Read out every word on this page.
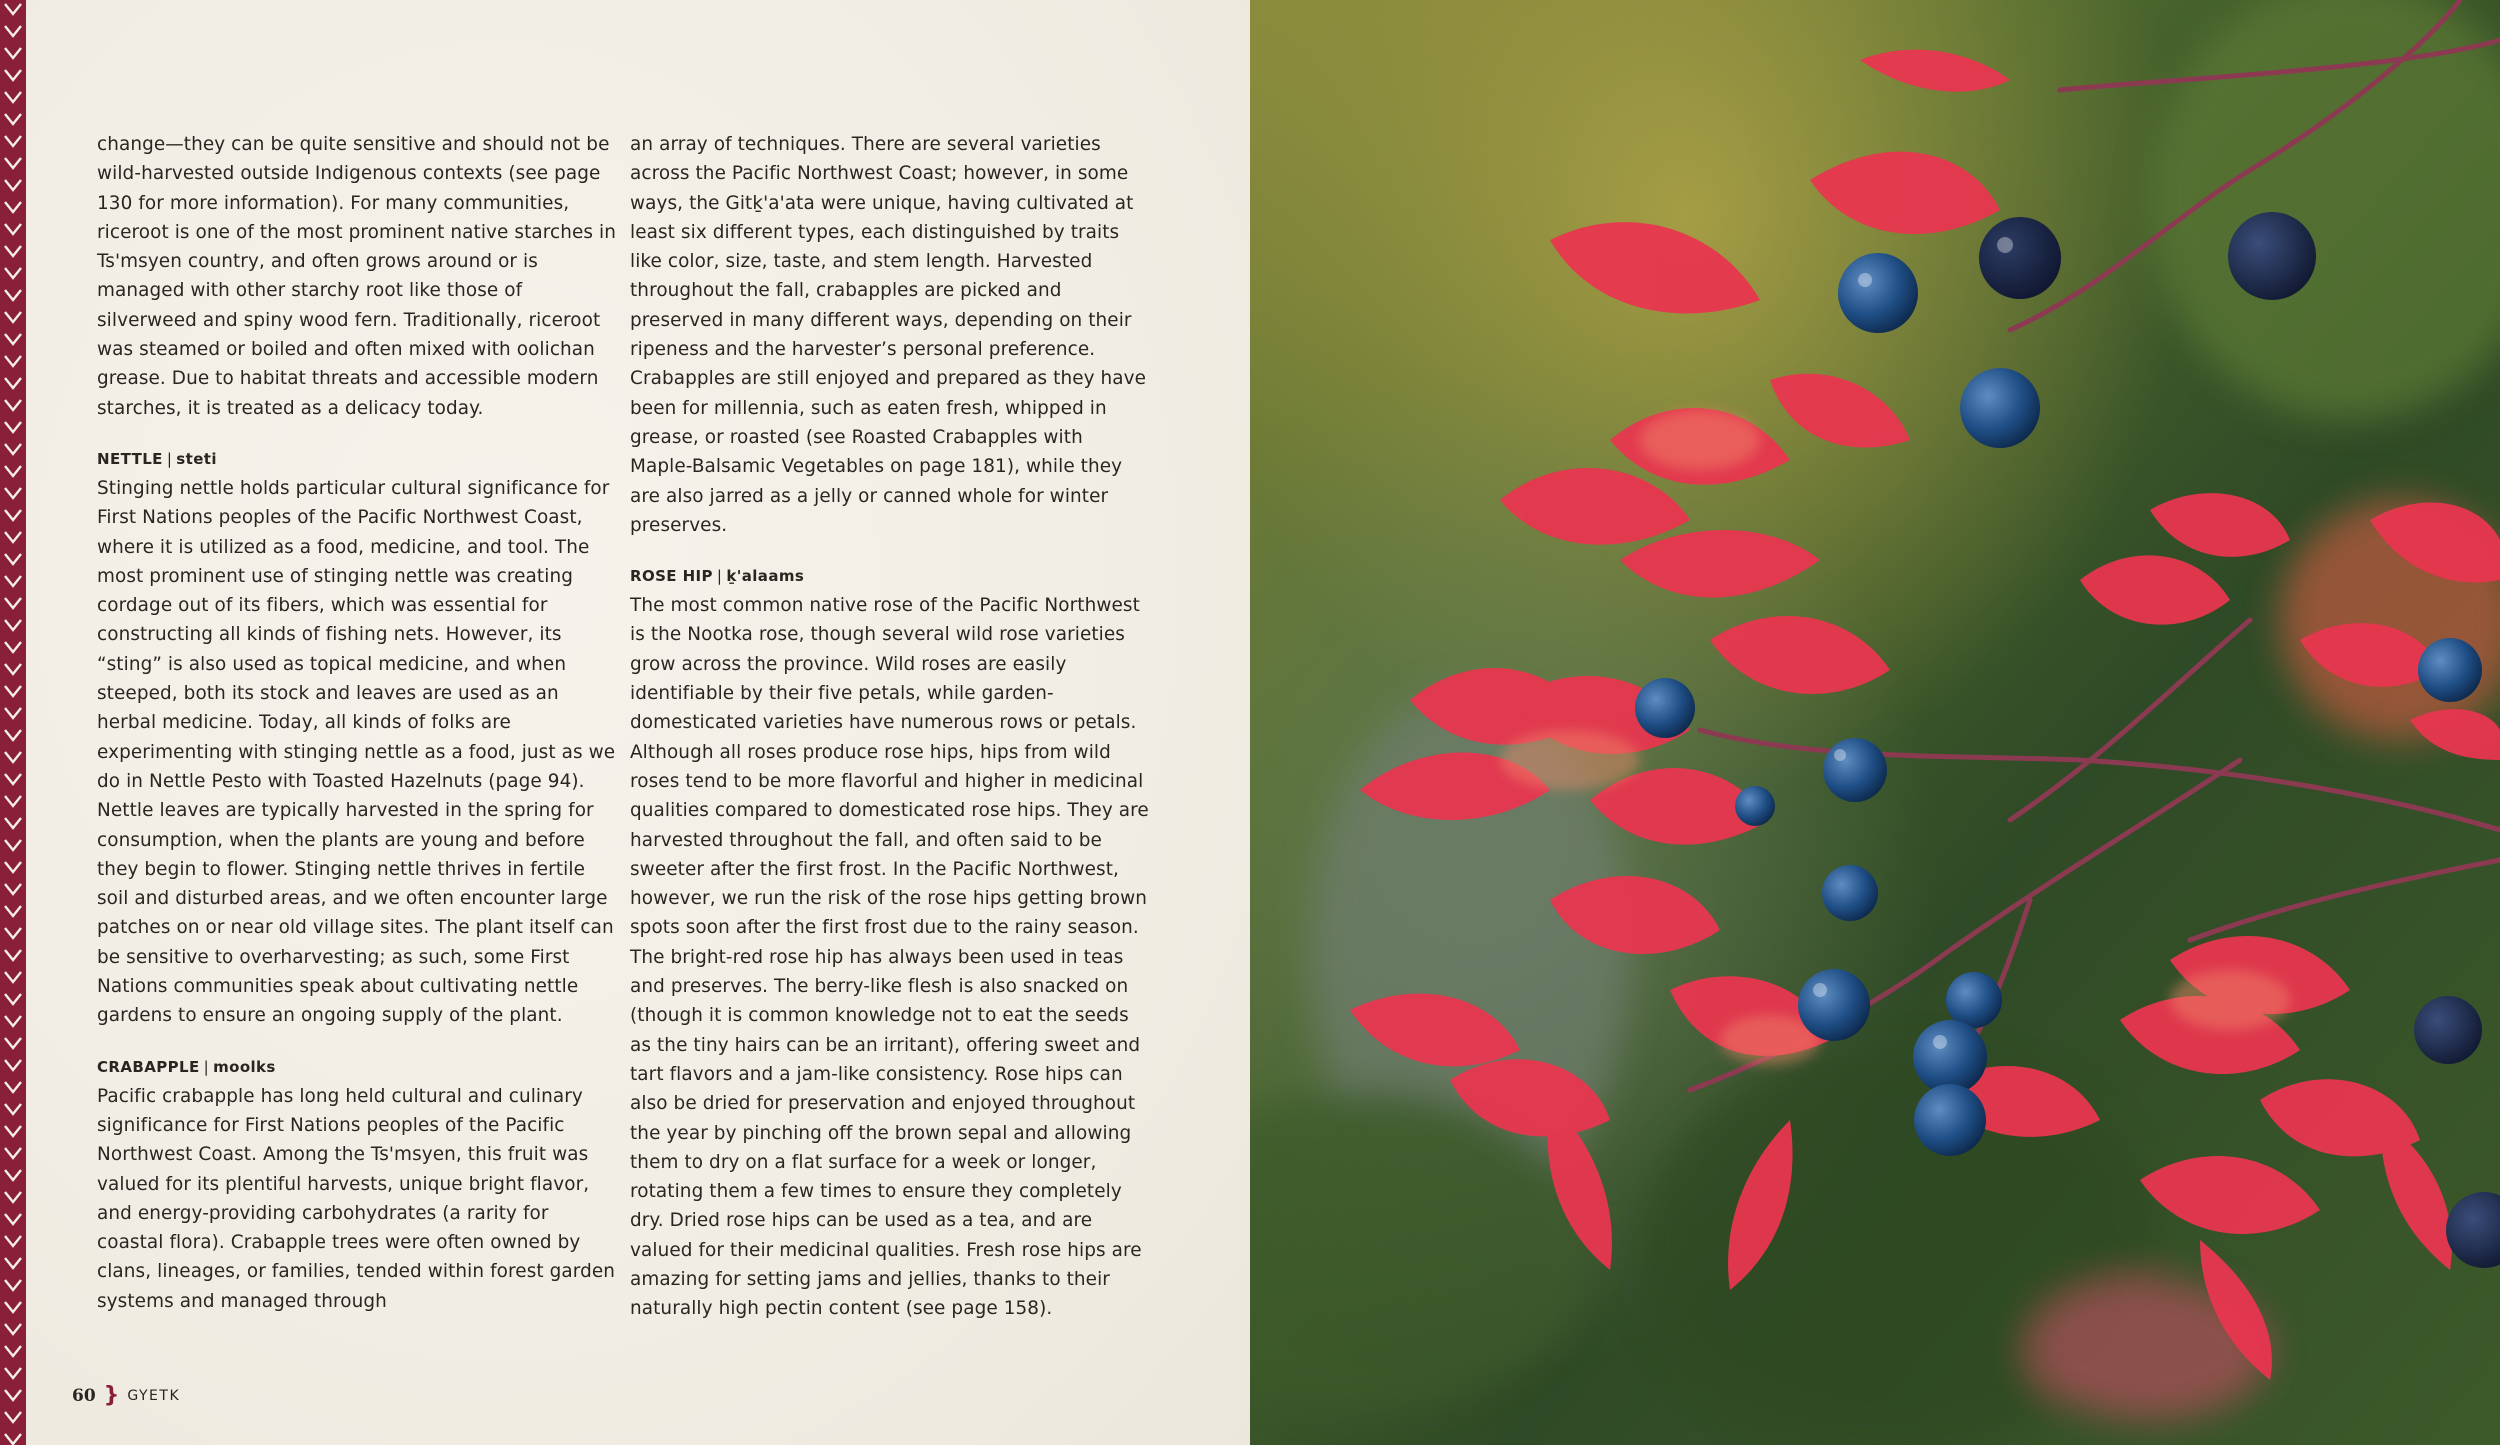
change—they can be quite sensitive and should not be wild-harvested outside Indigenous contexts (see page 130 for more information). For many communities, riceroot is one of the most prominent native starches in Ts'msyen country, and often grows around or is managed with other starchy root like those of silverweed and spiny wood fern. Traditionally, riceroot was steamed or boiled and often mixed with oolichan grease. Due to habitat threats and accessible modern starches, it is treated as a delicacy today.

NETTLE | steti

Stinging nettle holds particular cultural significance for First Nations peoples of the Pacific Northwest Coast, where it is utilized as a food, medicine, and tool. The most prominent use of stinging nettle was creating cordage out of its fibers, which was essential for constructing all kinds of fishing nets. However, its “sting” is also used as topical medicine, and when steeped, both its stock and leaves are used as an herbal medicine. Today, all kinds of folks are experimenting with stinging nettle as a food, just as we do in Nettle Pesto with Toasted Hazelnuts (page 94). Nettle leaves are typically harvested in the spring for consumption, when the plants are young and before they begin to flower. Stinging nettle thrives in fertile soil and disturbed areas, and we often encounter large patches on or near old village sites. The plant itself can be sensitive to overharvesting; as such, some First Nations communities speak about cultivating nettle gardens to ensure an ongoing supply of the plant.

CRABAPPLE | moolks

Pacific crabapple has long held cultural and culinary significance for First Nations peoples of the Pacific Northwest Coast. Among the Ts'msyen, this fruit was valued for its plentiful harvests, unique bright flavor, and energy-providing carbohydrates (a rarity for coastal flora). Crabapple trees were often owned by clans, lineages, or families, tended within forest garden systems and managed through

an array of techniques. There are several varieties across the Pacific Northwest Coast; however, in some ways, the Gitḵ'a'ata were unique, having cultivated at least six different types, each distinguished by traits like color, size, taste, and stem length. Harvested throughout the fall, crabapples are picked and preserved in many different ways, depending on their ripeness and the harvester’s personal preference. Crabapples are still enjoyed and prepared as they have been for millennia, such as eaten fresh, whipped in grease, or roasted (see Roasted Crabapples with Maple-Balsamic Vegetables on page 181), while they are also jarred as a jelly or canned whole for winter preserves.

ROSE HIP | ḵ'alaams

The most common native rose of the Pacific Northwest is the Nootka rose, though several wild rose varieties grow across the province. Wild roses are easily identifiable by their five petals, while garden-domesticated varieties have numerous rows or petals. Although all roses produce rose hips, hips from wild roses tend to be more flavorful and higher in medicinal qualities compared to domesticated rose hips. They are harvested throughout the fall, and often said to be sweeter after the first frost. In the Pacific Northwest, however, we run the risk of the rose hips getting brown spots soon after the first frost due to the rainy season. The bright-red rose hip has always been used in teas and preserves. The berry-like flesh is also snacked on (though it is common knowledge not to eat the seeds as the tiny hairs can be an irritant), offering sweet and tart flavors and a jam-like consistency. Rose hips can also be dried for preservation and enjoyed throughout the year by pinching off the brown sepal and allowing them to dry on a flat surface for a week or longer, rotating them a few times to ensure they completely dry. Dried rose hips can be used as a tea, and are valued for their medicinal qualities. Fresh rose hips are amazing for setting jams and jellies, thanks to their naturally high pectin content (see page 158).

60 } GYETK
